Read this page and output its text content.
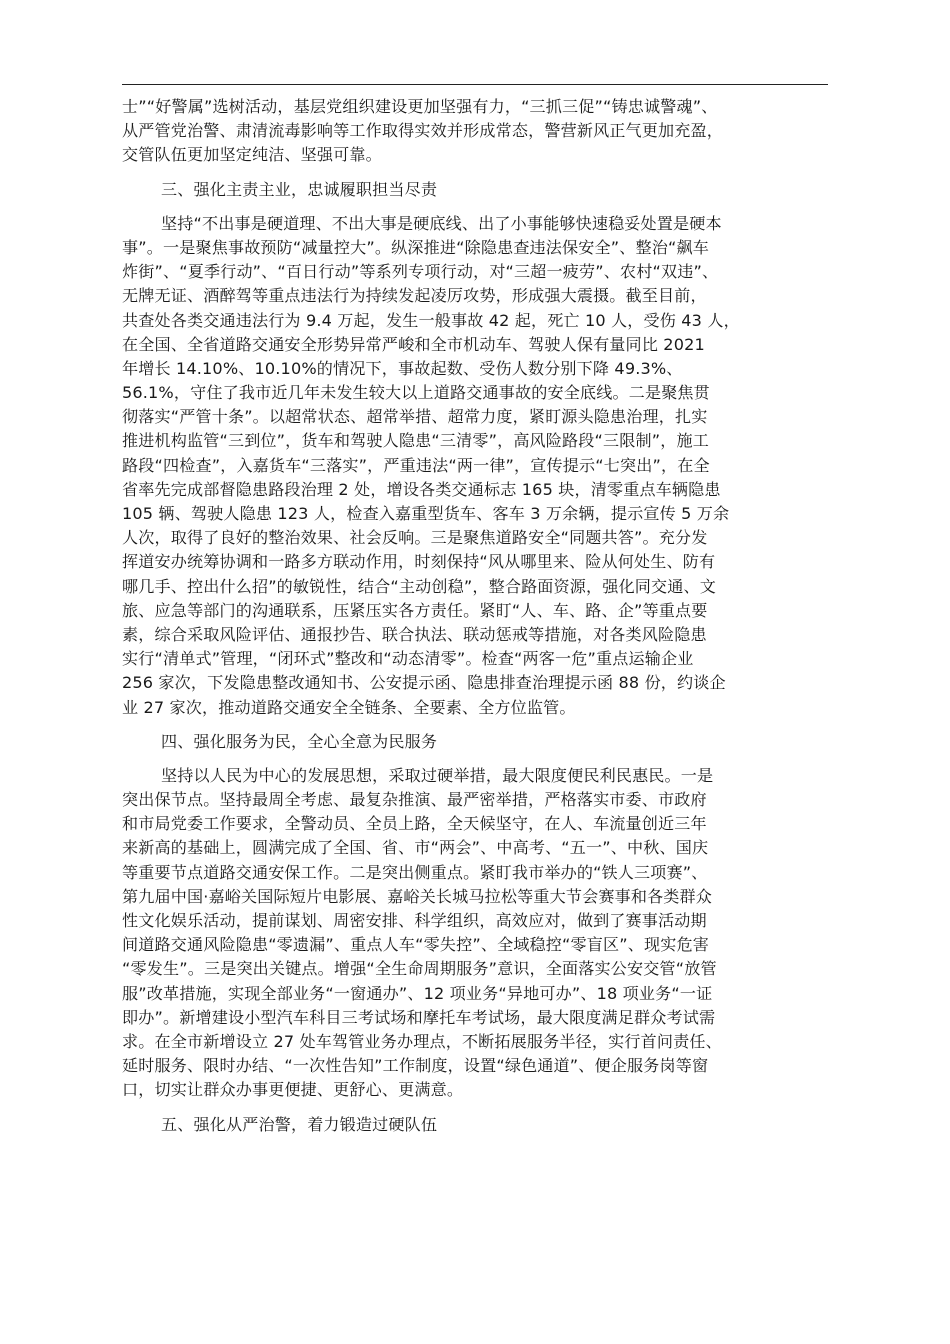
士”“好警属”选树活动，基层党组织建设更加坚强有力，“三抓三促”“铸忠诚警魂”、
从严管党治警、肃清流毒影响等工作取得实效并形成常态，警营新风正气更加充盈，
交管队伍更加坚定纯洁、坚强可靠。
三、强化主责主业，忠诚履职担当尽责
坚持“不出事是硬道理、不出大事是硬底线、出了小事能够快速稳妥处置是硬本
事”。一是聚焦事故预防“减量控大”。纵深推进“除隐患查违法保安全”、整治“飙车
炸街”、“夏季行动”、“百日行动”等系列专项行动，对“三超一疲劳”、农村“双违”、
无牌无证、酒醉驾等重点违法行为持续发起凌厉攻势，形成强大震摄。截至目前，
共查处各类交通违法行为 9.4 万起，发生一般事故 42 起，死亡 10 人，受伤 43 人，
在全国、全省道路交通安全形势异常严峻和全市机动车、驾驶人保有量同比 2021
年增长 14.10%、10.10%的情况下，事故起数、受伤人数分别下降 49.3%、
56.1%，守住了我市近几年未发生较大以上道路交通事故的安全底线。二是聚焦贯
彻落实“严管十条”。以超常状态、超常举措、超常力度，紧盯源头隐患治理，扎实
推进机构监管“三到位”，货车和驾驶人隐患“三清零”，高风险路段“三限制”，施工
路段“四检查”，入嘉货车“三落实”，严重违法“两一律”，宣传提示“七突出”，在全
省率先完成部督隐患路段治理 2 处，增设各类交通标志 165 块，清零重点车辆隐患
105 辆、驾驶人隐患 123 人，检查入嘉重型货车、客车 3 万余辆，提示宣传 5 万余
人次，取得了良好的整治效果、社会反响。三是聚焦道路安全“同题共答”。充分发
挥道安办统筹协调和一路多方联动作用，时刻保持“风从哪里来、险从何处生、防有
哪几手、控出什么招”的敏锐性，结合“主动创稳”，整合路面资源，强化同交通、文
旅、应急等部门的沟通联系，压紧压实各方责任。紧盯“人、车、路、企”等重点要
素，综合采取风险评估、通报抄告、联合执法、联动惩戒等措施，对各类风险隐患
实行“清单式”管理，“闭环式”整改和“动态清零”。检查“两客一危”重点运输企业
256 家次，下发隐患整改通知书、公安提示函、隐患排查治理提示函 88 份，约谈企
业 27 家次，推动道路交通安全全链条、全要素、全方位监管。
四、强化服务为民，全心全意为民服务
坚持以人民为中心的发展思想，采取过硬举措，最大限度便民利民惠民。一是
突出保节点。坚持最周全考虑、最复杂推演、最严密举措，严格落实市委、市政府
和市局党委工作要求，全警动员、全员上路，全天候坚守，在人、车流量创近三年
来新高的基础上，圆满完成了全国、省、市“两会”、中高考、“五一”、中秋、国庆
等重要节点道路交通安保工作。二是突出侧重点。紧盯我市举办的“铁人三项赛”、
第九届中国·嘉峪关国际短片电影展、嘉峪关长城马拉松等重大节会赛事和各类群众
性文化娱乐活动，提前谋划、周密安排、科学组织，高效应对，做到了赛事活动期
间道路交通风险隐患“零遗漏”、重点人车“零失控”、全域稳控“零盲区”、现实危害
“零发生”。三是突出关键点。增强“全生命周期服务”意识，全面落实公安交管“放管
服”改革措施，实现全部业务“一窗通办”、12 项业务“异地可办”、18 项业务“一证
即办”。新增建设小型汽车科目三考试场和摩托车考试场，最大限度满足群众考试需
求。在全市新增设立 27 处车驾管业务办理点，不断拓展服务半径，实行首问责任、
延时服务、限时办结、“一次性告知”工作制度，设置“绿色通道”、便企服务岗等窗
口，切实让群众办事更便捷、更舒心、更满意。
五、强化从严治警，着力锻造过硬队伍
